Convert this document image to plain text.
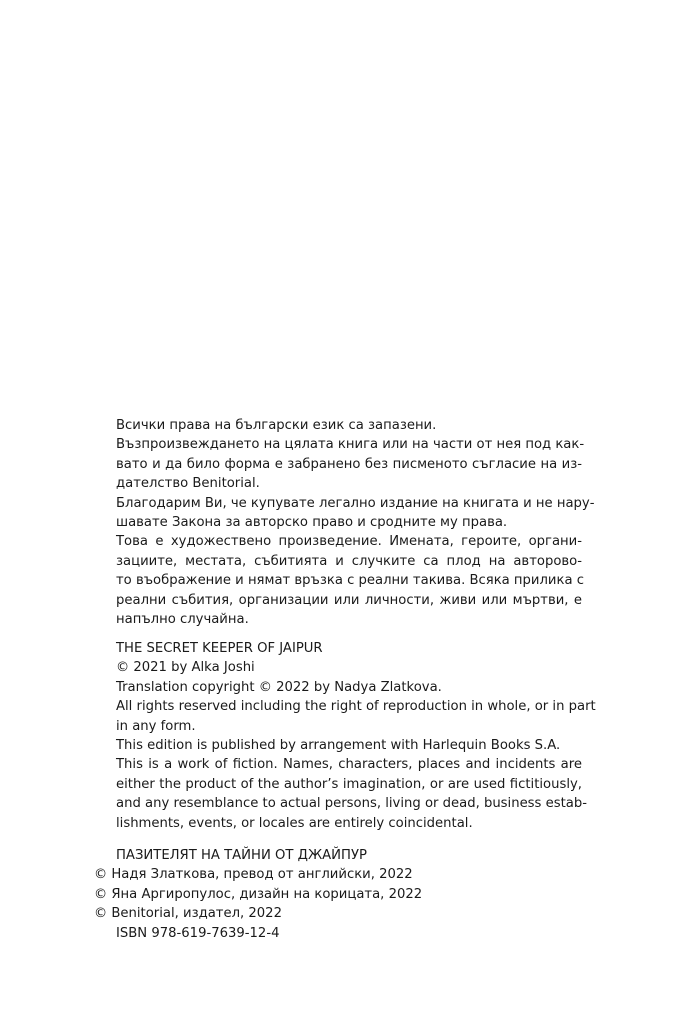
Всички права на български език са запазени.
Възпроизвеждането на цялата книга или на части от нея под как-
вато и да било форма е забранено без писменото съгласие на из-
дателство Benitorial.
Благодарим Ви, че купувате легално издание на книгата и не нару-
шавате Закона за авторско право и сродните му права.
Това е художествено произведение. Имената, героите, органи-
зациите, местата, събитията и случките са плод на авторово-
то въображение и нямат връзка с реални такива. Всяка прилика с
реални събития, организации или личности, живи или мъртви, е
напълно случайна.
THE SECRET KEEPER OF JAIPUR
© 2021 by Alka Joshi
Translation copyright © 2022 by Nadya Zlatkova.
All rights reserved including the right of reproduction in whole, or in part
in any form.
This edition is published by arrangement with Harlequin Books S.A.
This is a work of fiction. Names, characters, places and incidents are
either the product of the author’s imagination, or are used fictitiously,
and any resemblance to actual persons, living or dead, business estab-
lishments, events, or locales are entirely coincidental.
ПАЗИТЕЛЯТ НА ТАЙНИ ОТ ДЖАЙПУР
© Надя Златкова, превод от английски, 2022
© Яна Аргиропулос, дизайн на корицата, 2022
© Benitorial, издател, 2022
ISBN 978-619-7639-12-4
